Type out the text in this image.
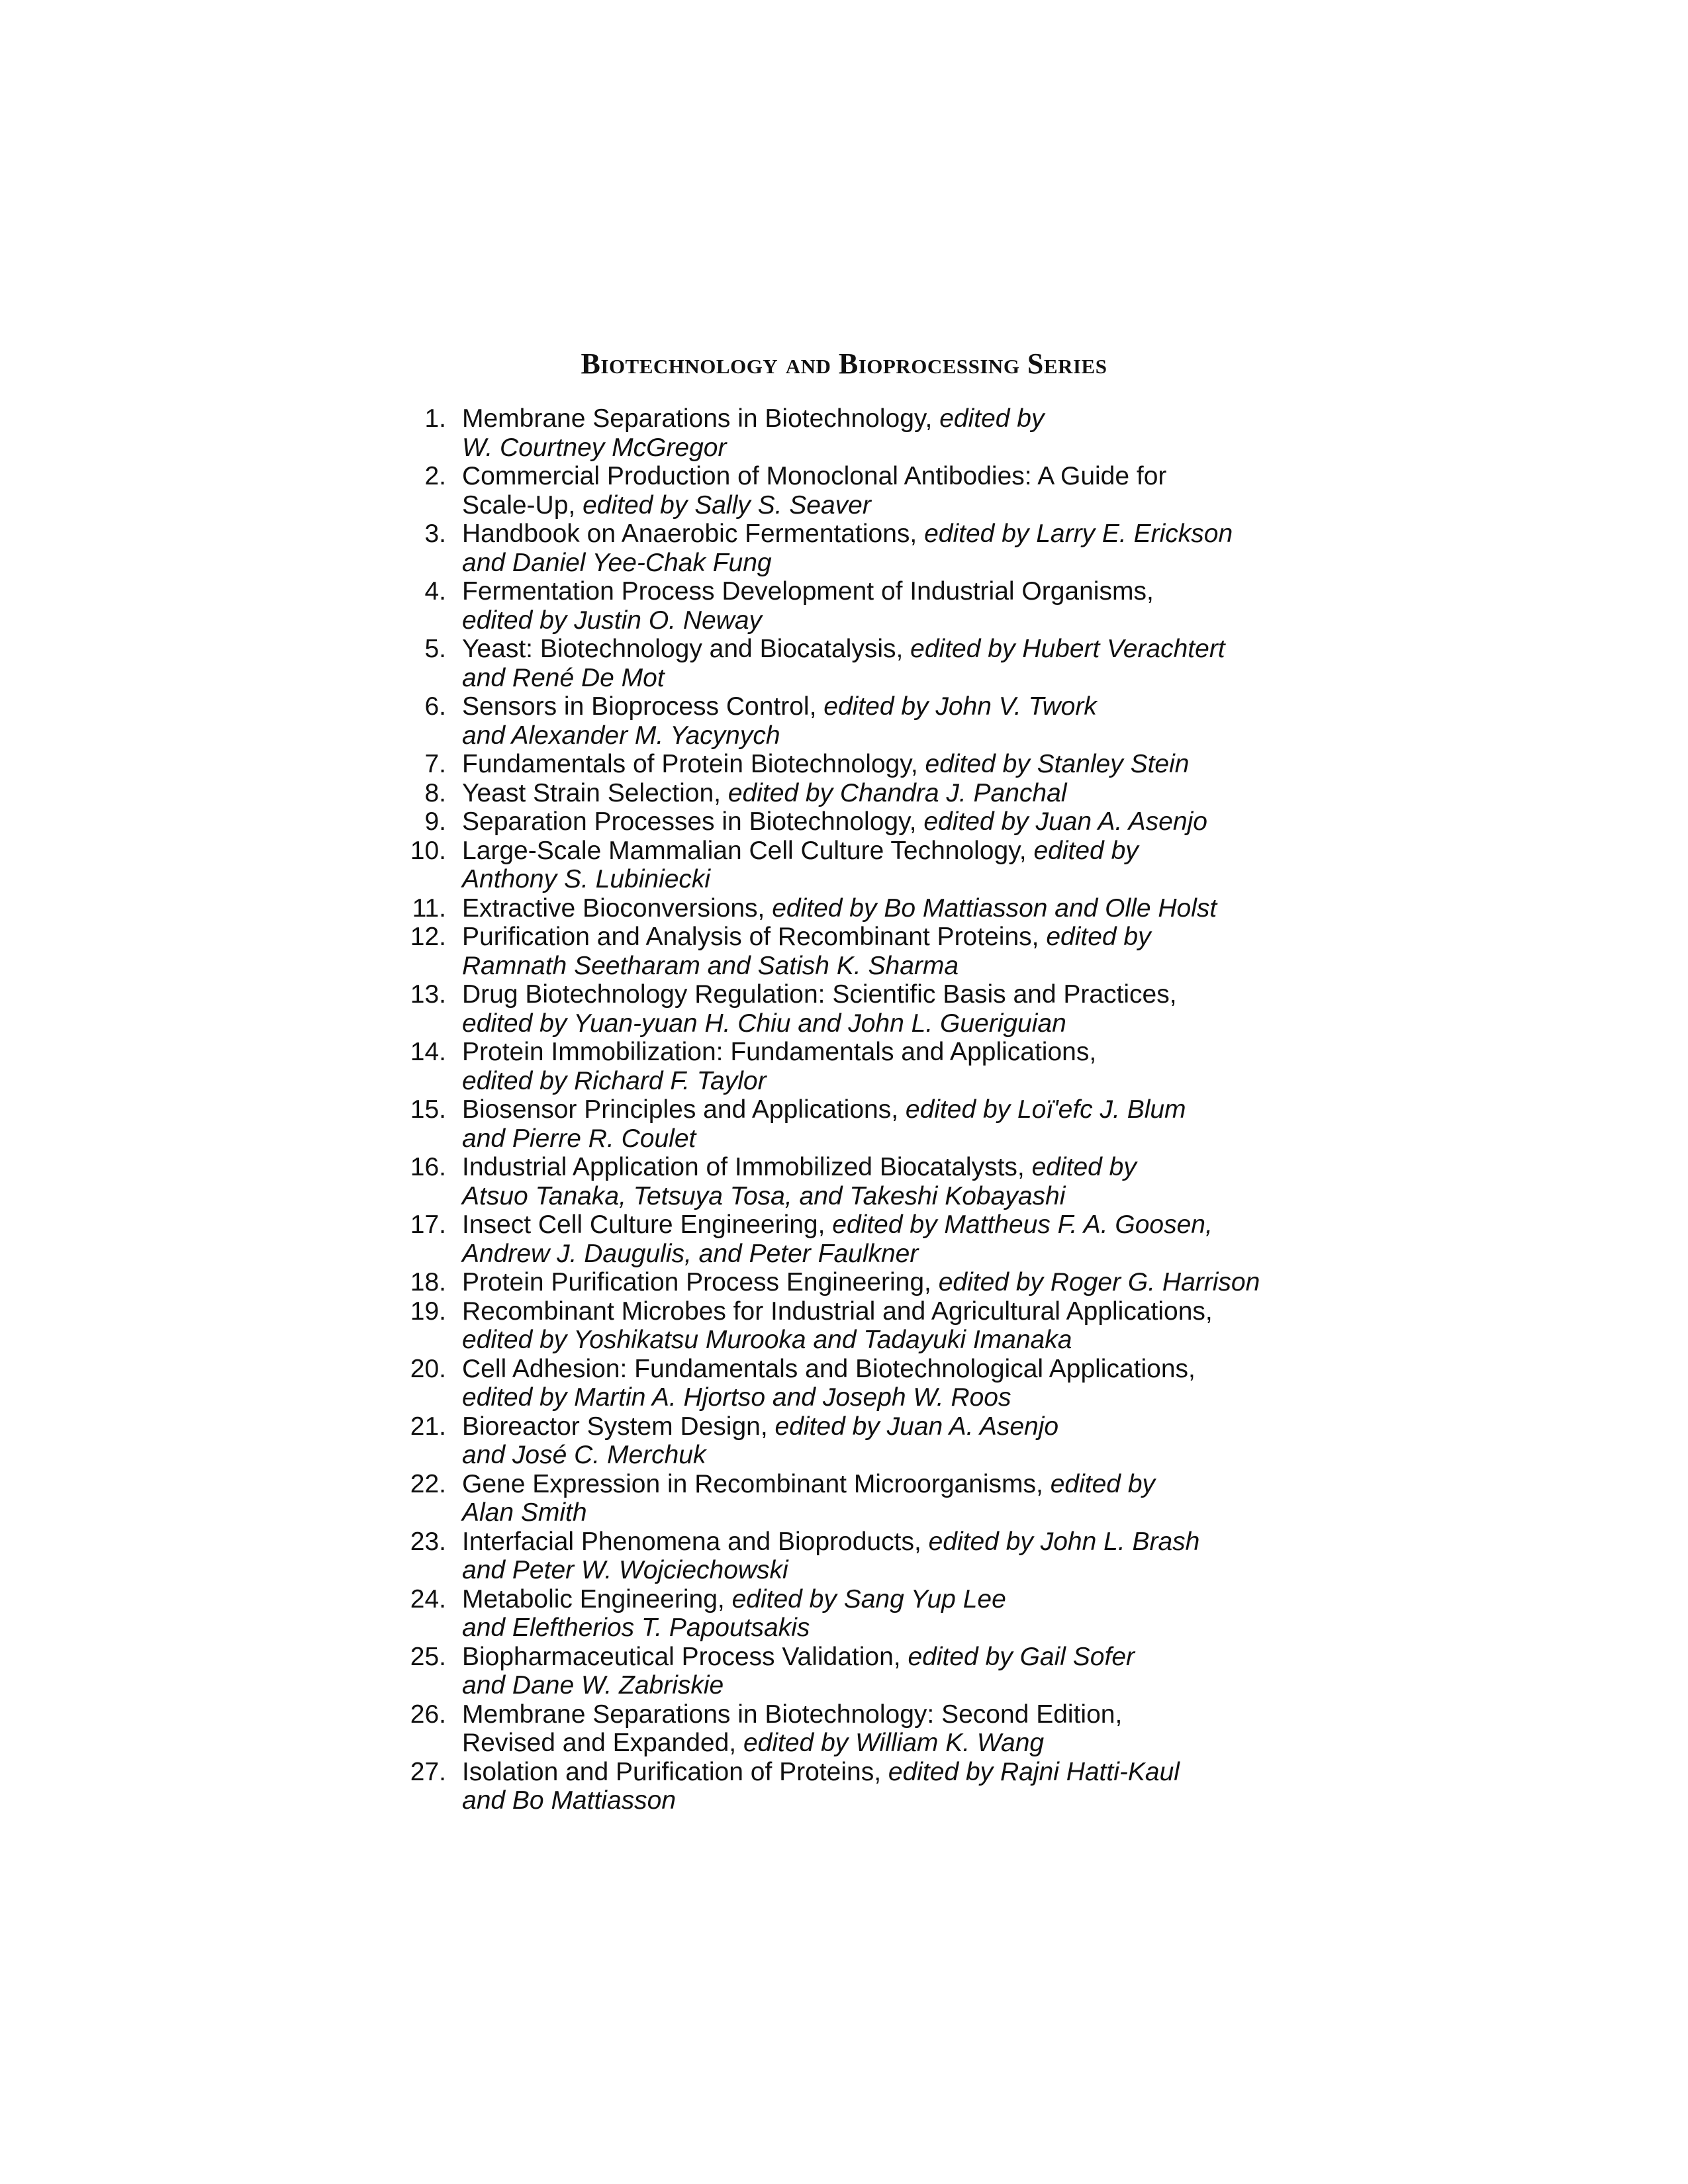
Biotechnology and Bioprocessing Series
1. Membrane Separations in Biotechnology, edited by
W. Courtney McGregor
2. Commercial Production of Monoclonal Antibodies: A Guide for
Scale-Up, edited by Sally S. Seaver
3. Handbook on Anaerobic Fermentations, edited by Larry E. Erickson
and Daniel Yee-Chak Fung
4. Fermentation Process Development of Industrial Organisms,
edited by Justin O. Neway
5. Yeast: Biotechnology and Biocatalysis, edited by Hubert Verachtert
and René De Mot
6. Sensors in Bioprocess Control, edited by John V. Twork
and Alexander M. Yacynych
7. Fundamentals of Protein Biotechnology, edited by Stanley Stein
8. Yeast Strain Selection, edited by Chandra J. Panchal
9. Separation Processes in Biotechnology, edited by Juan A. Asenjo
10. Large-Scale Mammalian Cell Culture Technology, edited by
Anthony S. Lubiniecki
11. Extractive Bioconversions, edited by Bo Mattiasson and Olle Holst
12. Purification and Analysis of Recombinant Proteins, edited by
Ramnath Seetharam and Satish K. Sharma
13. Drug Biotechnology Regulation: Scientific Basis and Practices,
edited by Yuan-yuan H. Chiu and John L. Gueriguian
14. Protein Immobilization: Fundamentals and Applications,
edited by Richard F. Taylor
15. Biosensor Principles and Applications, edited by Loï'efc J. Blum
and Pierre R. Coulet
16. Industrial Application of Immobilized Biocatalysts, edited by
Atsuo Tanaka, Tetsuya Tosa, and Takeshi Kobayashi
17. Insect Cell Culture Engineering, edited by Mattheus F. A. Goosen,
Andrew J. Daugulis, and Peter Faulkner
18. Protein Purification Process Engineering, edited by Roger G. Harrison
19. Recombinant Microbes for Industrial and Agricultural Applications,
edited by Yoshikatsu Murooka and Tadayuki Imanaka
20. Cell Adhesion: Fundamentals and Biotechnological Applications,
edited by Martin A. Hjortso and Joseph W. Roos
21. Bioreactor System Design, edited by Juan A. Asenjo
and José C. Merchuk
22. Gene Expression in Recombinant Microorganisms, edited by
Alan Smith
23. Interfacial Phenomena and Bioproducts, edited by John L. Brash
and Peter W. Wojciechowski
24. Metabolic Engineering, edited by Sang Yup Lee
and Eleftherios T. Papoutsakis
25. Biopharmaceutical Process Validation, edited by Gail Sofer
and Dane W. Zabriskie
26. Membrane Separations in Biotechnology: Second Edition,
Revised and Expanded, edited by William K. Wang
27. Isolation and Purification of Proteins, edited by Rajni Hatti-Kaul
and Bo Mattiasson
